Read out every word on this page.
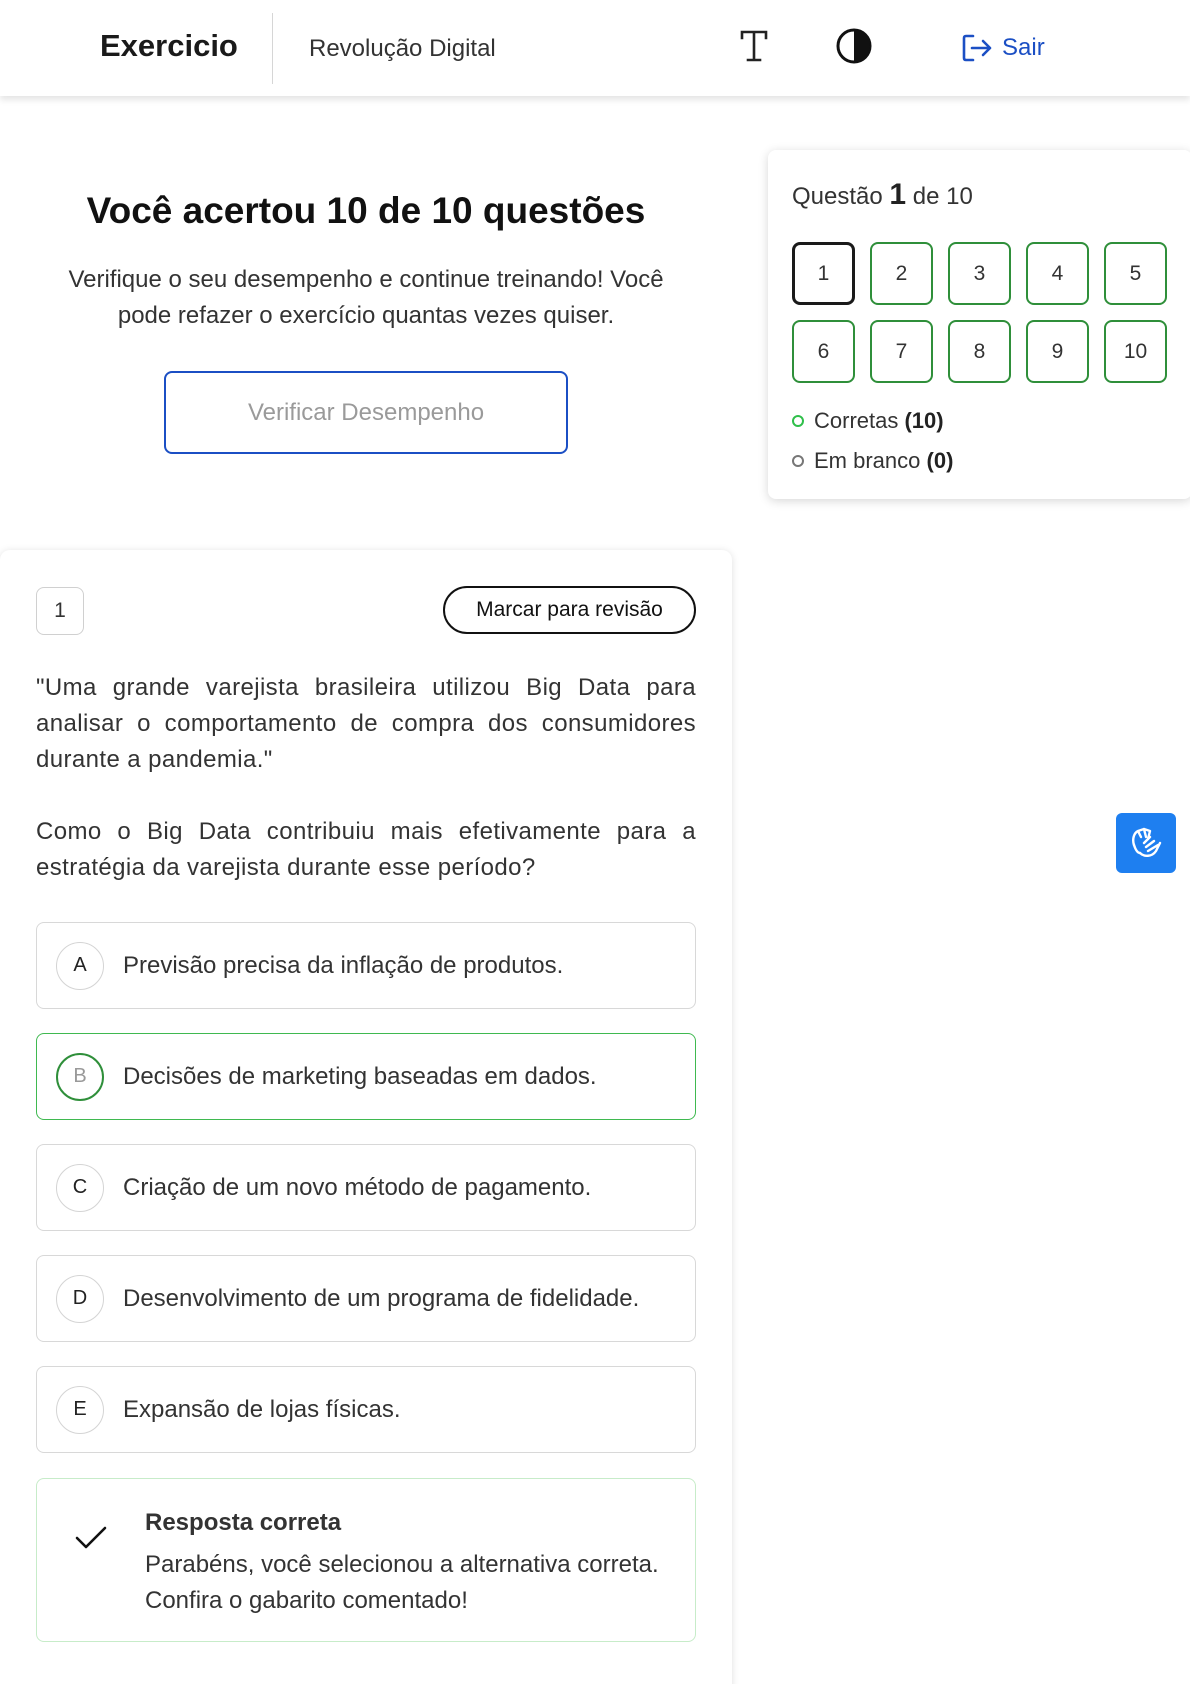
Exercicio	Revolução Digital	Sair
Você acertou 10 de 10 questões
Verifique o seu desempenho e continue treinando! Você pode refazer o exercício quantas vezes quiser.
Verificar Desempenho
Questão 1 de 10
1	2	3	4	5
6	7	8	9	10
Corretas (10)
Em branco (0)
1	Marcar para revisão

"Uma grande varejista brasileira utilizou Big Data para analisar o comportamento de compra dos consumidores durante a pandemia."

Como o Big Data contribuiu mais efetivamente para a estratégia da varejista durante esse período?

A	Previsão precisa da inflação de produtos.
B	Decisões de marketing baseadas em dados.
C	Criação de um novo método de pagamento.
D	Desenvolvimento de um programa de fidelidade.
E	Expansão de lojas físicas.
Resposta correta
Parabéns, você selecionou a alternativa correta. Confira o gabarito comentado!
